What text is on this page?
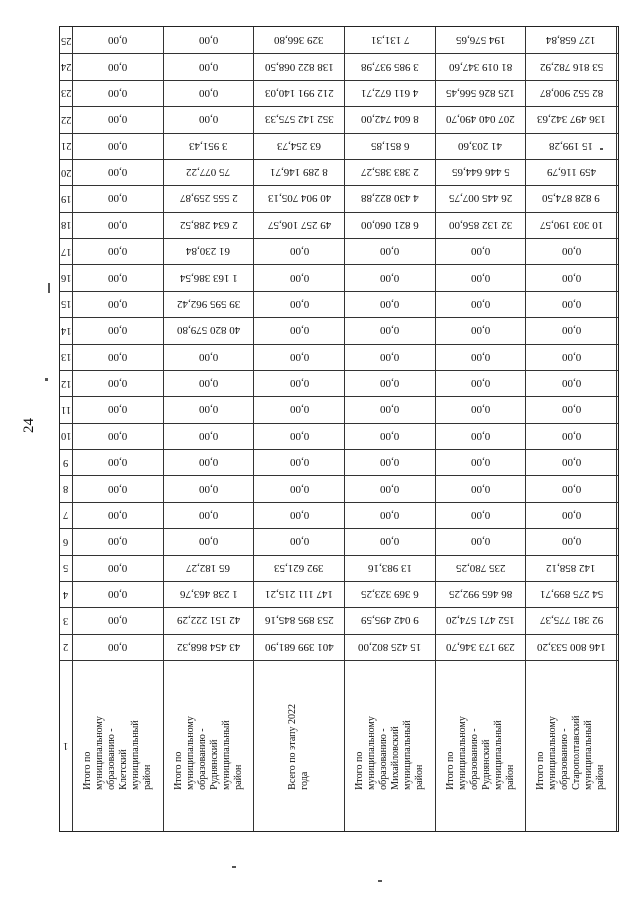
24
1
2
3
4
5
6
7
8
9
10
11
12
13
14
15
16
17
18
19
20
21
22
23
24
25
Итого по муниципальному образованию - Клетский муниципальный район
0,00
0,00
0,00
0,00
0,00
0,00
0,00
0,00
0,00
0,00
0,00
0,00
0,00
0,00
0,00
0,00
0,00
0,00
0,00
0,00
0,00
0,00
0,00
0,00
Итого по муниципальному образованию - Руднянский муниципальный район
43 454 868,32
42 151 222,29
1 238 463,76
65 182,27
0,00
0,00
0,00
0,00
0,00
0,00
0,00
0,00
40 820 579,80
39 595 962,42
1 163 386,54
61 230,84
2 634 288,52
2 555 259,87
75 077,22
3 951,43
0,00
0,00
0,00
0,00
Всего по этапу 2022 года
401 399 681,90
253 895 845,16
147 111 215,21
392 621,53
0,00
0,00
0,00
0,00
0,00
0,00
0,00
0,00
0,00
0,00
0,00
0,00
49 257 106,57
40 904 705,13
8 289 146,71
63 254,73
352 142 575,33
212 991 140,03
138 822 068,50
329 366,80
Итого по муниципальному образованию - Михайловский муниципальный район
15 425 802,00
9 042 495,59
6 369 323,25
13 983,16
0,00
0,00
0,00
0,00
0,00
0,00
0,00
0,00
0,00
0,00
0,00
0,00
6 821 060,00
4 430 822,88
2 383 385,27
6 851,85
8 604 742,00
4 611 672,71
3 985 937,98
7 131,31
Итого по муниципальному образованию - Руднянский муниципальный район
239 173 346,70
152 471 574,20
86 465 992,25
235 780,25
0,00
0,00
0,00
0,00
0,00
0,00
0,00
0,00
0,00
0,00
0,00
0,00
32 132 856,00
26 445 007,75
5 446 644,65
41 203,60
207 040 490,70
125 826 566,45
81 019 347,60
194 576,65
Итого по муниципальному образованию - Старополтавский муниципальный район
146 800 533,20
92 381 775,37
54 275 899,71
142 858,12
0,00
0,00
0,00
0,00
0,00
0,00
0,00
0,00
0,00
0,00
0,00
0,00
10 303 190,57
9 828 874,50
459 116,79
15 199,28
136 497 342,63
82 552 900,87
53 816 782,92
127 658,84
